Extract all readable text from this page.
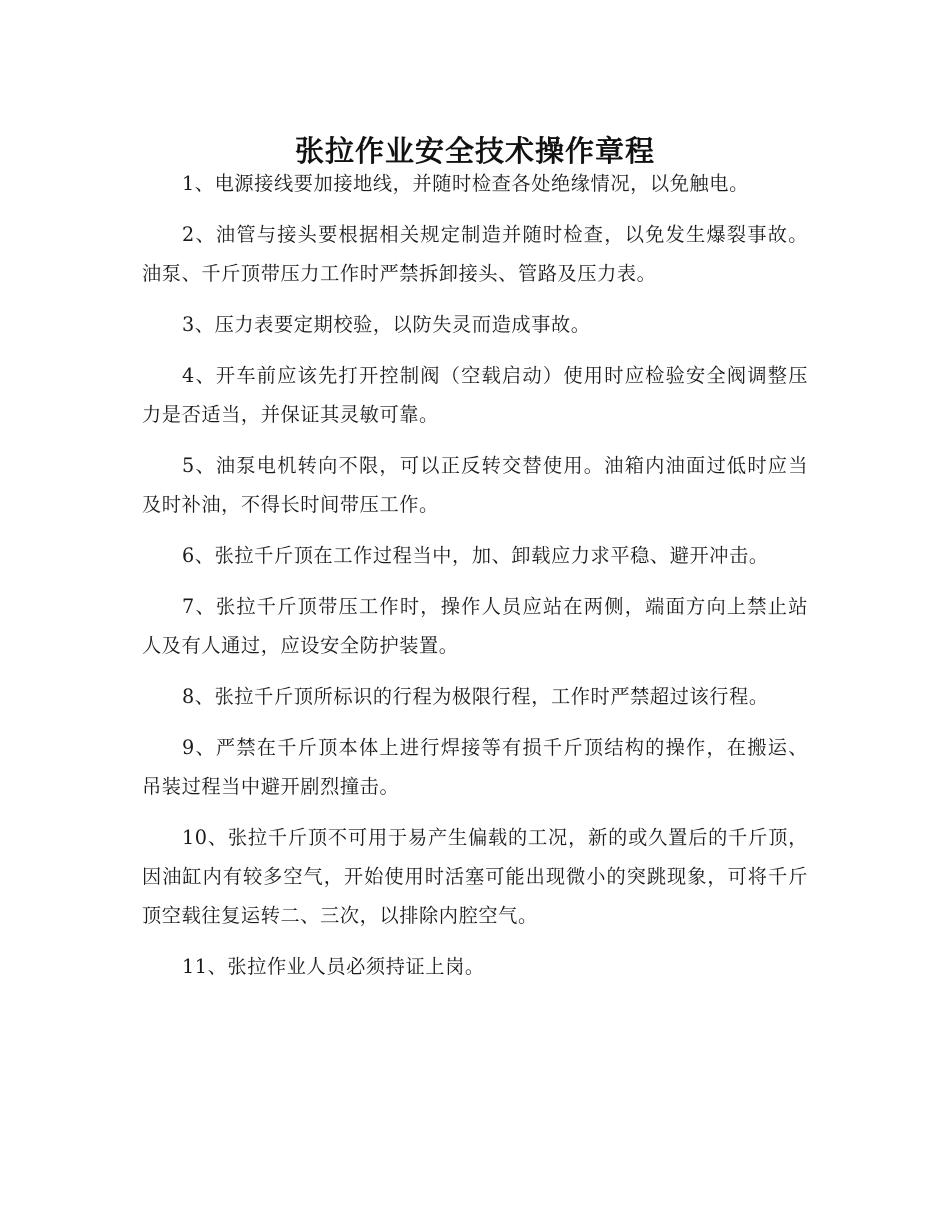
张拉作业安全技术操作章程

1、电源接线要加接地线，并随时检查各处绝缘情况，以免触电。

2、油管与接头要根据相关规定制造并随时检查，以免发生爆裂事故。油泵、千斤顶带压力工作时严禁拆卸接头、管路及压力表。

3、压力表要定期校验，以防失灵而造成事故。

4、开车前应该先打开控制阀（空载启动）使用时应检验安全阀调整压力是否适当，并保证其灵敏可靠。

5、油泵电机转向不限，可以正反转交替使用。油箱内油面过低时应当及时补油，不得长时间带压工作。

6、张拉千斤顶在工作过程当中，加、卸载应力求平稳、避开冲击。

7、张拉千斤顶带压工作时，操作人员应站在两侧，端面方向上禁止站人及有人通过，应设安全防护装置。

8、张拉千斤顶所标识的行程为极限行程，工作时严禁超过该行程。

9、严禁在千斤顶本体上进行焊接等有损千斤顶结构的操作，在搬运、吊装过程当中避开剧烈撞击。

10、张拉千斤顶不可用于易产生偏载的工况，新的或久置后的千斤顶，因油缸内有较多空气，开始使用时活塞可能出现微小的突跳现象，可将千斤顶空载往复运转二、三次，以排除内腔空气。

11、张拉作业人员必须持证上岗。
